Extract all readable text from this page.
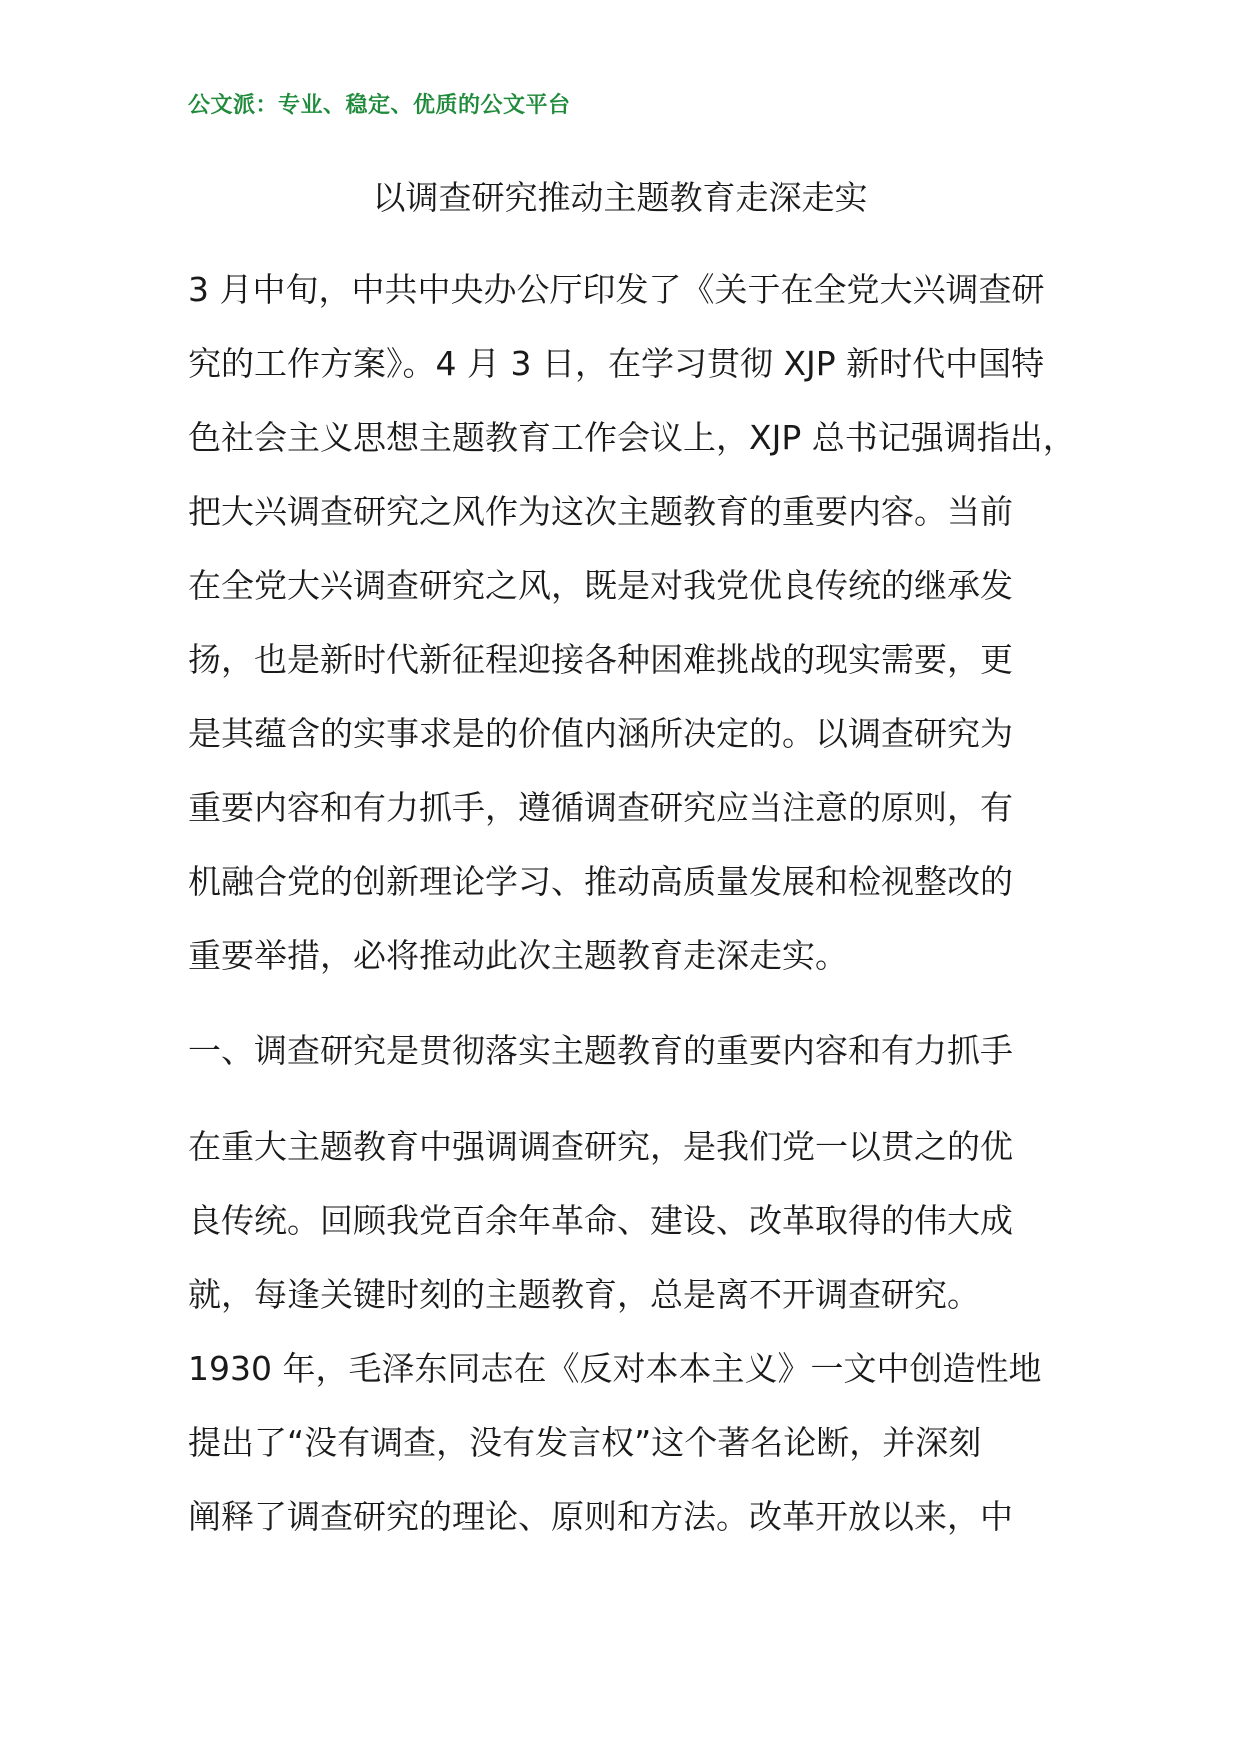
公文派：专业、稳定、优质的公文平台
以调查研究推动主题教育走深走实
3 月中旬，中共中央办公厅印发了《关于在全党大兴调查研
究的工作方案》。4 月 3 日，在学习贯彻 XJP 新时代中国特
色社会主义思想主题教育工作会议上，XJP 总书记强调指出，
把大兴调查研究之风作为这次主题教育的重要内容。当前
在全党大兴调查研究之风，既是对我党优良传统的继承发
扬，也是新时代新征程迎接各种困难挑战的现实需要，更
是其蕴含的实事求是的价值内涵所决定的。以调查研究为
重要内容和有力抓手，遵循调查研究应当注意的原则，有
机融合党的创新理论学习、推动高质量发展和检视整改的
重要举措，必将推动此次主题教育走深走实。
一、调查研究是贯彻落实主题教育的重要内容和有力抓手
在重大主题教育中强调调查研究，是我们党一以贯之的优
良传统。回顾我党百余年革命、建设、改革取得的伟大成
就，每逢关键时刻的主题教育，总是离不开调查研究。
1930 年，毛泽东同志在《反对本本主义》一文中创造性地
提出了“没有调查，没有发言权”这个著名论断，并深刻
阐释了调查研究的理论、原则和方法。改革开放以来，中
